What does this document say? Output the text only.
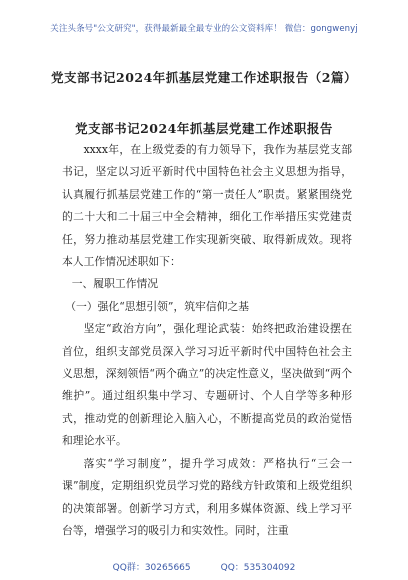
关注头条号"公文研究"，获得最新最全最专业的公文资料库！ 微信：gongwenyj
党支部书记2024年抓基层党建工作述职报告（2篇）
党支部书记2024年抓基层党建工作述职报告

xxxx年，在上级党委的有力领导下，我作为基层党支部书记，坚定以习近平新时代中国特色社会主义思想为指导，认真履行抓基层党建工作的“第一责任人”职责。紧紧围绕党的二十大和二十届三中全会精神，细化工作举措压实党建责任，努力推动基层党建工作实现新突破、取得新成效。现将本人工作情况述职如下：

一、履职工作情况

（一）强化“思想引领”，筑牢信仰之基

坚定“政治方向”，强化理论武装：始终把政治建设摆在首位，组织支部党员深入学习习近平新时代中国特色社会主义思想，深刻领悟“两个确立”的决定性意义，坚决做到“两个维护”。通过组织集中学习、专题研讨、个人自学等多种形式，推动党的创新理论入脑入心，不断提高党员的政治觉悟和理论水平。

落实“学习制度”，提升学习成效：严格执行“三会一课”制度，定期组织党员学习党的路线方针政策和上级党组织的决策部署。创新学习方式，利用多媒体资源、线上学习平台等，增强学习的吸引力和实效性。同时，注重

QQ群：30265665	QQ：535304092
